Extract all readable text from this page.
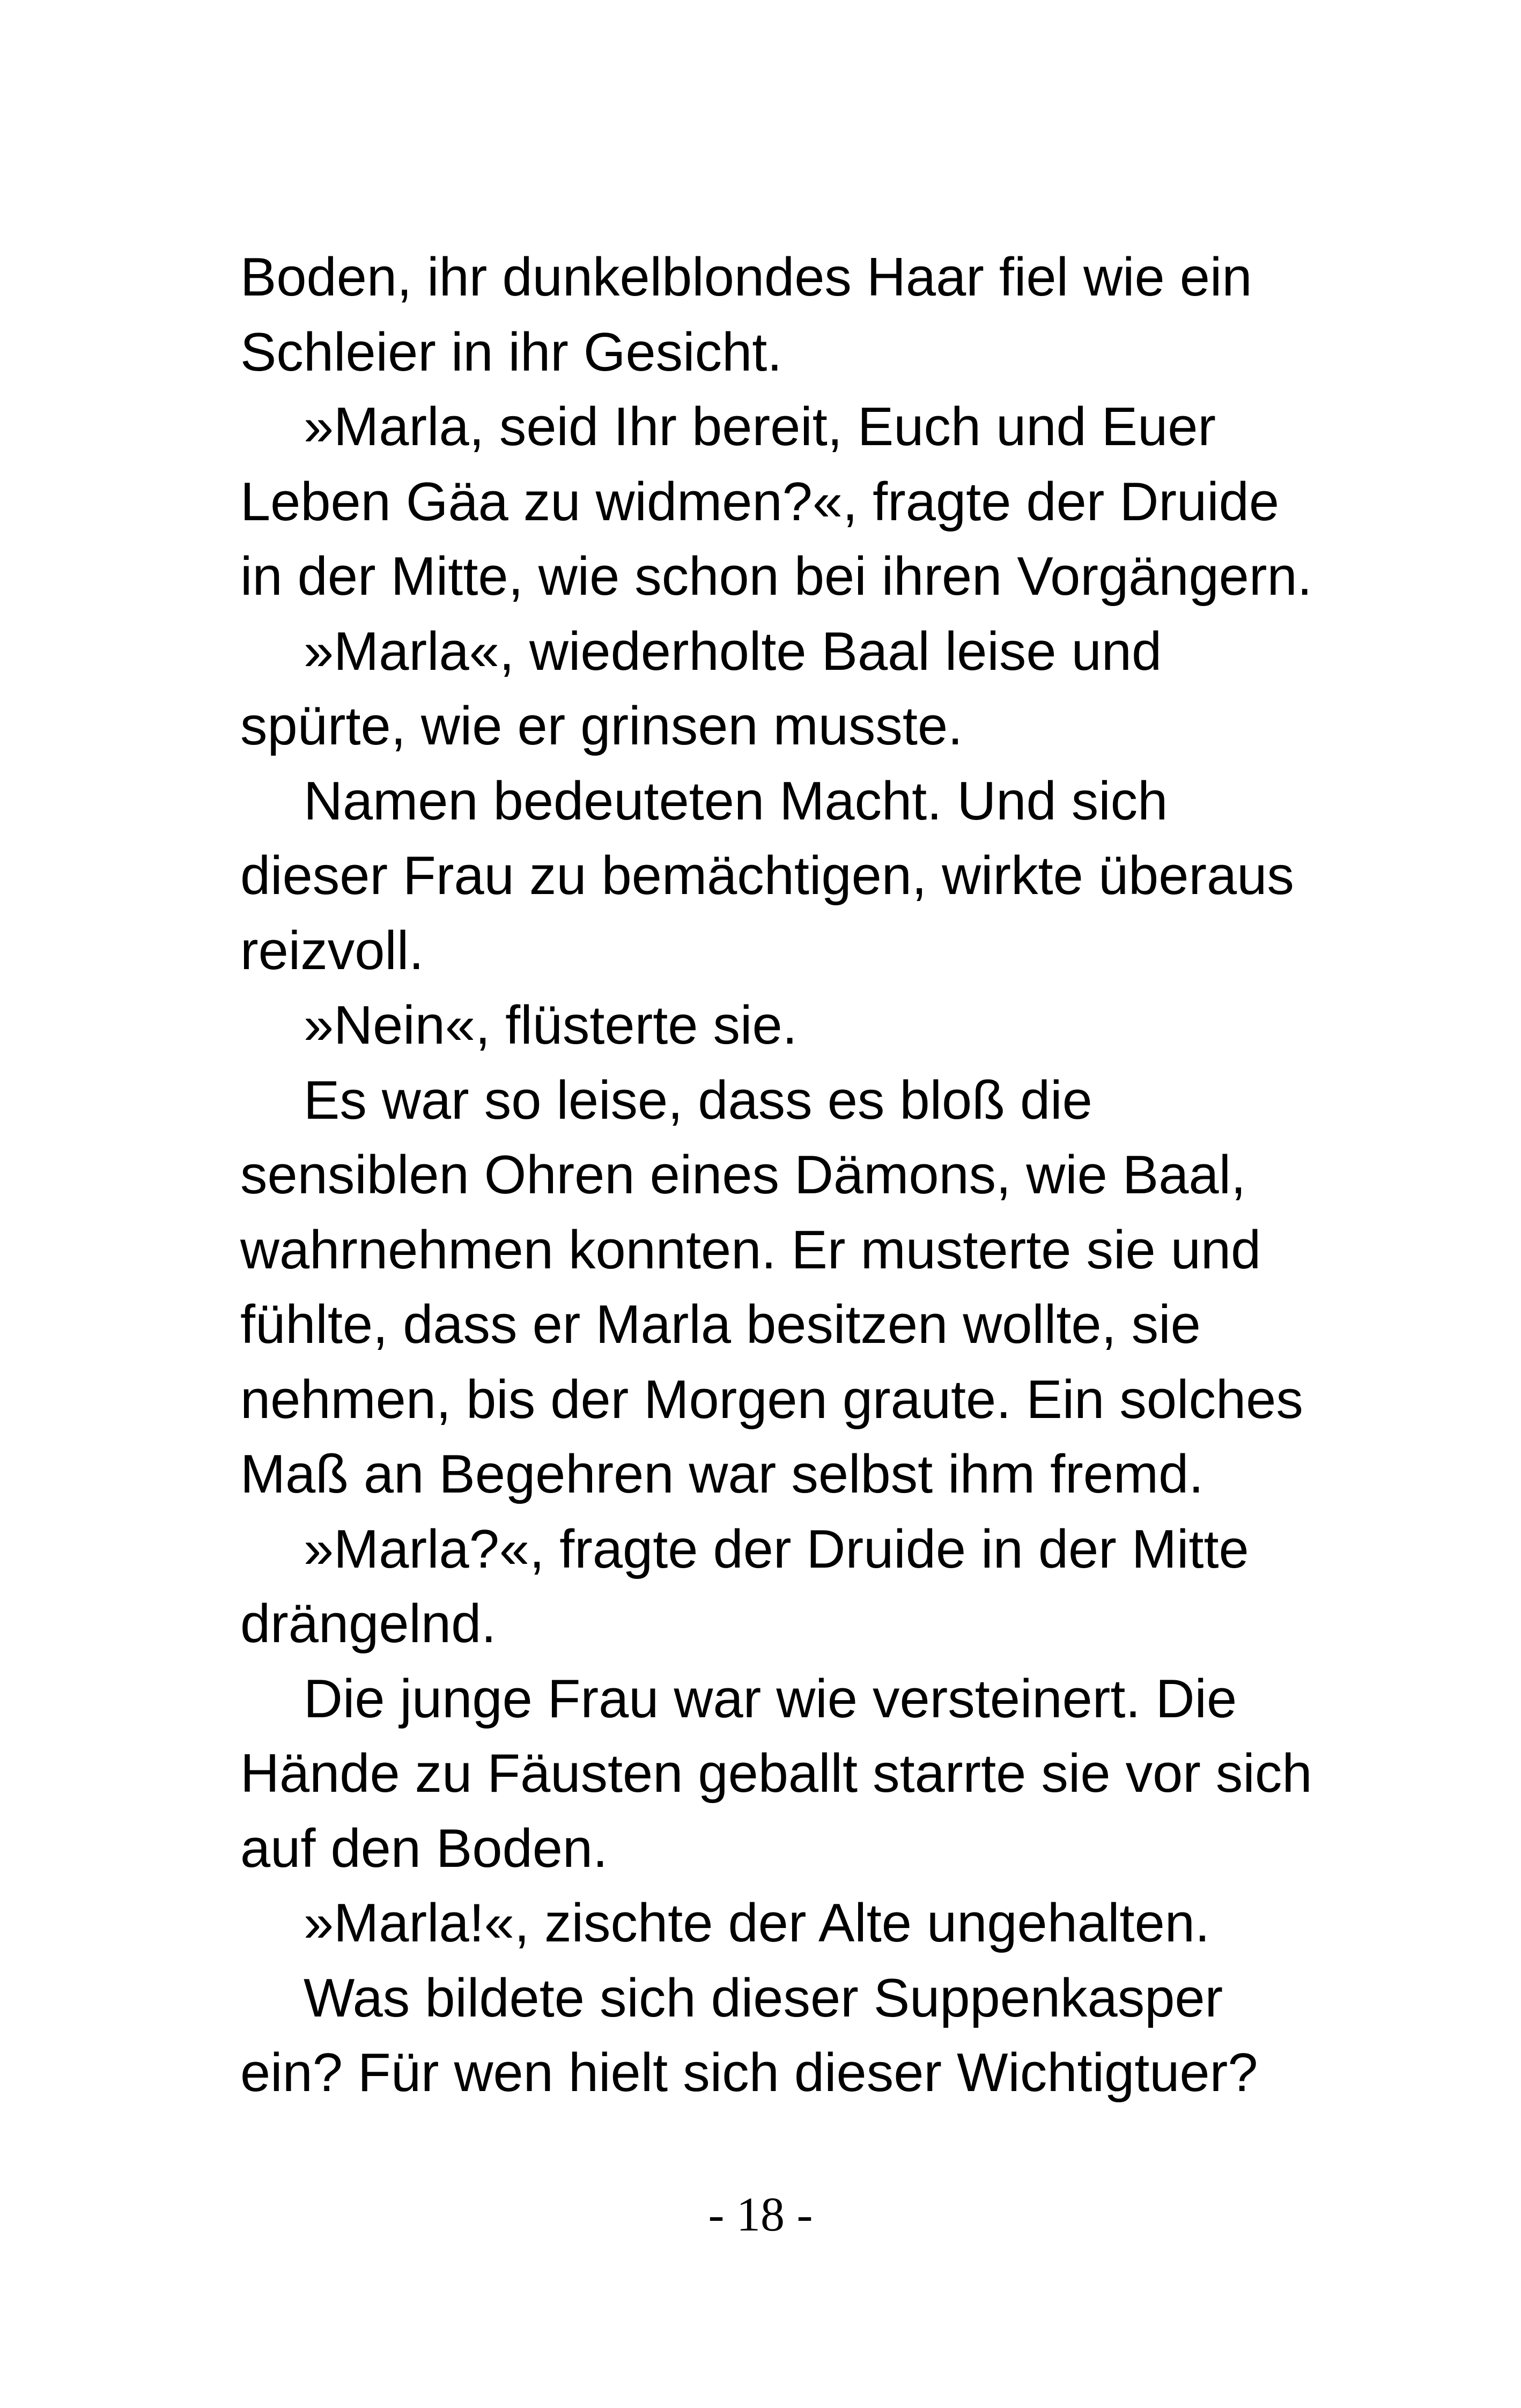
Boden, ihr dunkelblondes Haar fiel wie ein
Schleier in ihr Gesicht.
»Marla, seid Ihr bereit, Euch und Euer
Leben Gäa zu widmen?«, fragte der Druide
in der Mitte, wie schon bei ihren Vorgängern.
»Marla«, wiederholte Baal leise und
spürte, wie er grinsen musste.
Namen bedeuteten Macht. Und sich
dieser Frau zu bemächtigen, wirkte überaus
reizvoll.
»Nein«, flüsterte sie.
Es war so leise, dass es bloß die
sensiblen Ohren eines Dämons, wie Baal,
wahrnehmen konnten. Er musterte sie und
fühlte, dass er Marla besitzen wollte, sie
nehmen, bis der Morgen graute. Ein solches
Maß an Begehren war selbst ihm fremd.
»Marla?«, fragte der Druide in der Mitte
drängelnd.
Die junge Frau war wie versteinert. Die
Hände zu Fäusten geballt starrte sie vor sich
auf den Boden.
»Marla!«, zischte der Alte ungehalten.
Was bildete sich dieser Suppenkasper
ein? Für wen hielt sich dieser Wichtigtuer?
- 18 -
